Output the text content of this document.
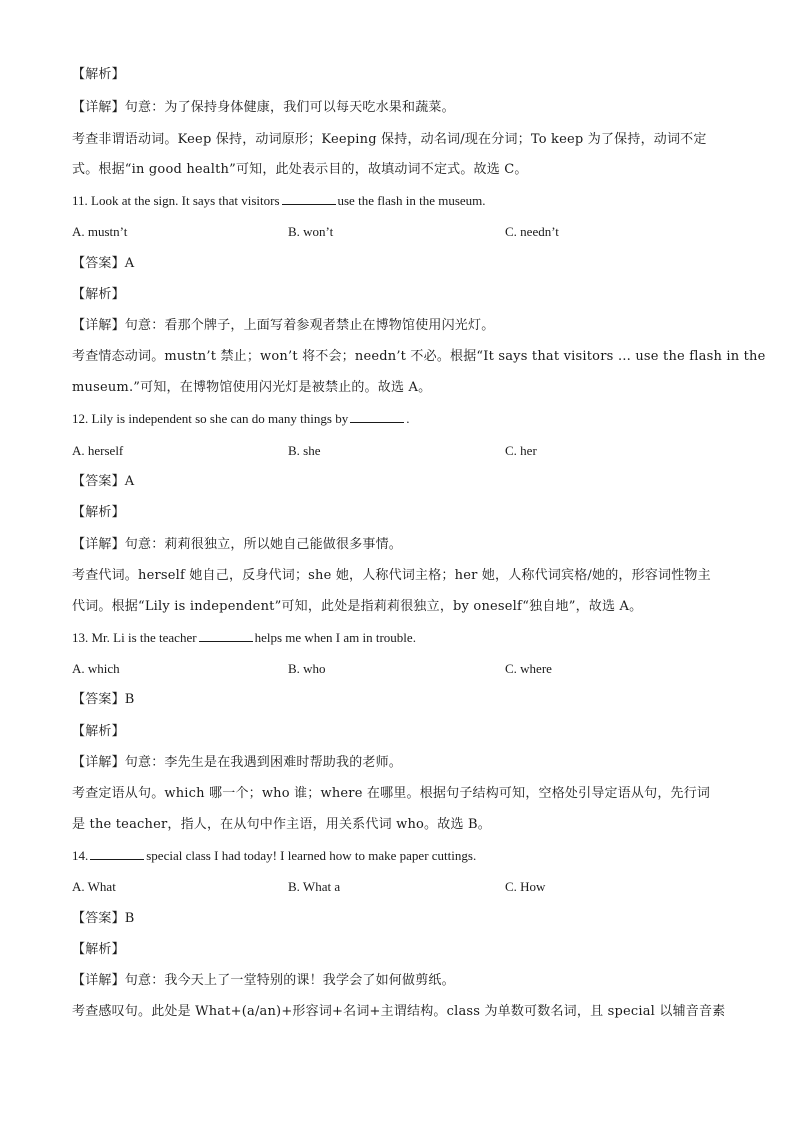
【解析】
【详解】句意：为了保持身体健康，我们可以每天吃水果和蔬菜。
考查非谓语动词。Keep 保持，动词原形；Keeping 保持，动名词/现在分词；To keep 为了保持，动词不定
式。根据“in good health”可知，此处表示目的，故填动词不定式。故选 C。
11. Look at the sign. It says that visitors	use the flash in the museum.
A. mustn’t	B. won’t	C. needn’t
【答案】A
【解析】
【详解】句意：看那个牌子，上面写着参观者禁止在博物馆使用闪光灯。
考查情态动词。mustn’t 禁止；won’t 将不会；needn’t 不必。根据“It says that visitors … use the flash in the
museum.”可知，在博物馆使用闪光灯是被禁止的。故选 A。
12. Lily is independent so she can do many things by	.
A. herself	B. she	C. her
【答案】A
【解析】
【详解】句意：莉莉很独立，所以她自己能做很多事情。
考查代词。herself 她自己，反身代词；she 她，人称代词主格；her 她，人称代词宾格/她的，形容词性物主
代词。根据“Lily is independent”可知，此处是指莉莉很独立，by oneself“独自地”，故选 A。
13. Mr. Li is the teacher	helps me when I am in trouble.
A. which	B. who	C. where
【答案】B
【解析】
【详解】句意：李先生是在我遇到困难时帮助我的老师。
考查定语从句。which 哪一个；who 谁；where 在哪里。根据句子结构可知，空格处引导定语从句，先行词
是 the teacher，指人，在从句中作主语，用关系代词 who。故选 B。
14.	special class I had today! I learned how to make paper cuttings.
A. What	B. What a	C. How
【答案】B
【解析】
【详解】句意：我今天上了一堂特别的课！我学会了如何做剪纸。
考查感叹句。此处是 What+(a/an)+形容词+名词+主谓结构。class 为单数可数名词，且 special 以辅音音素
